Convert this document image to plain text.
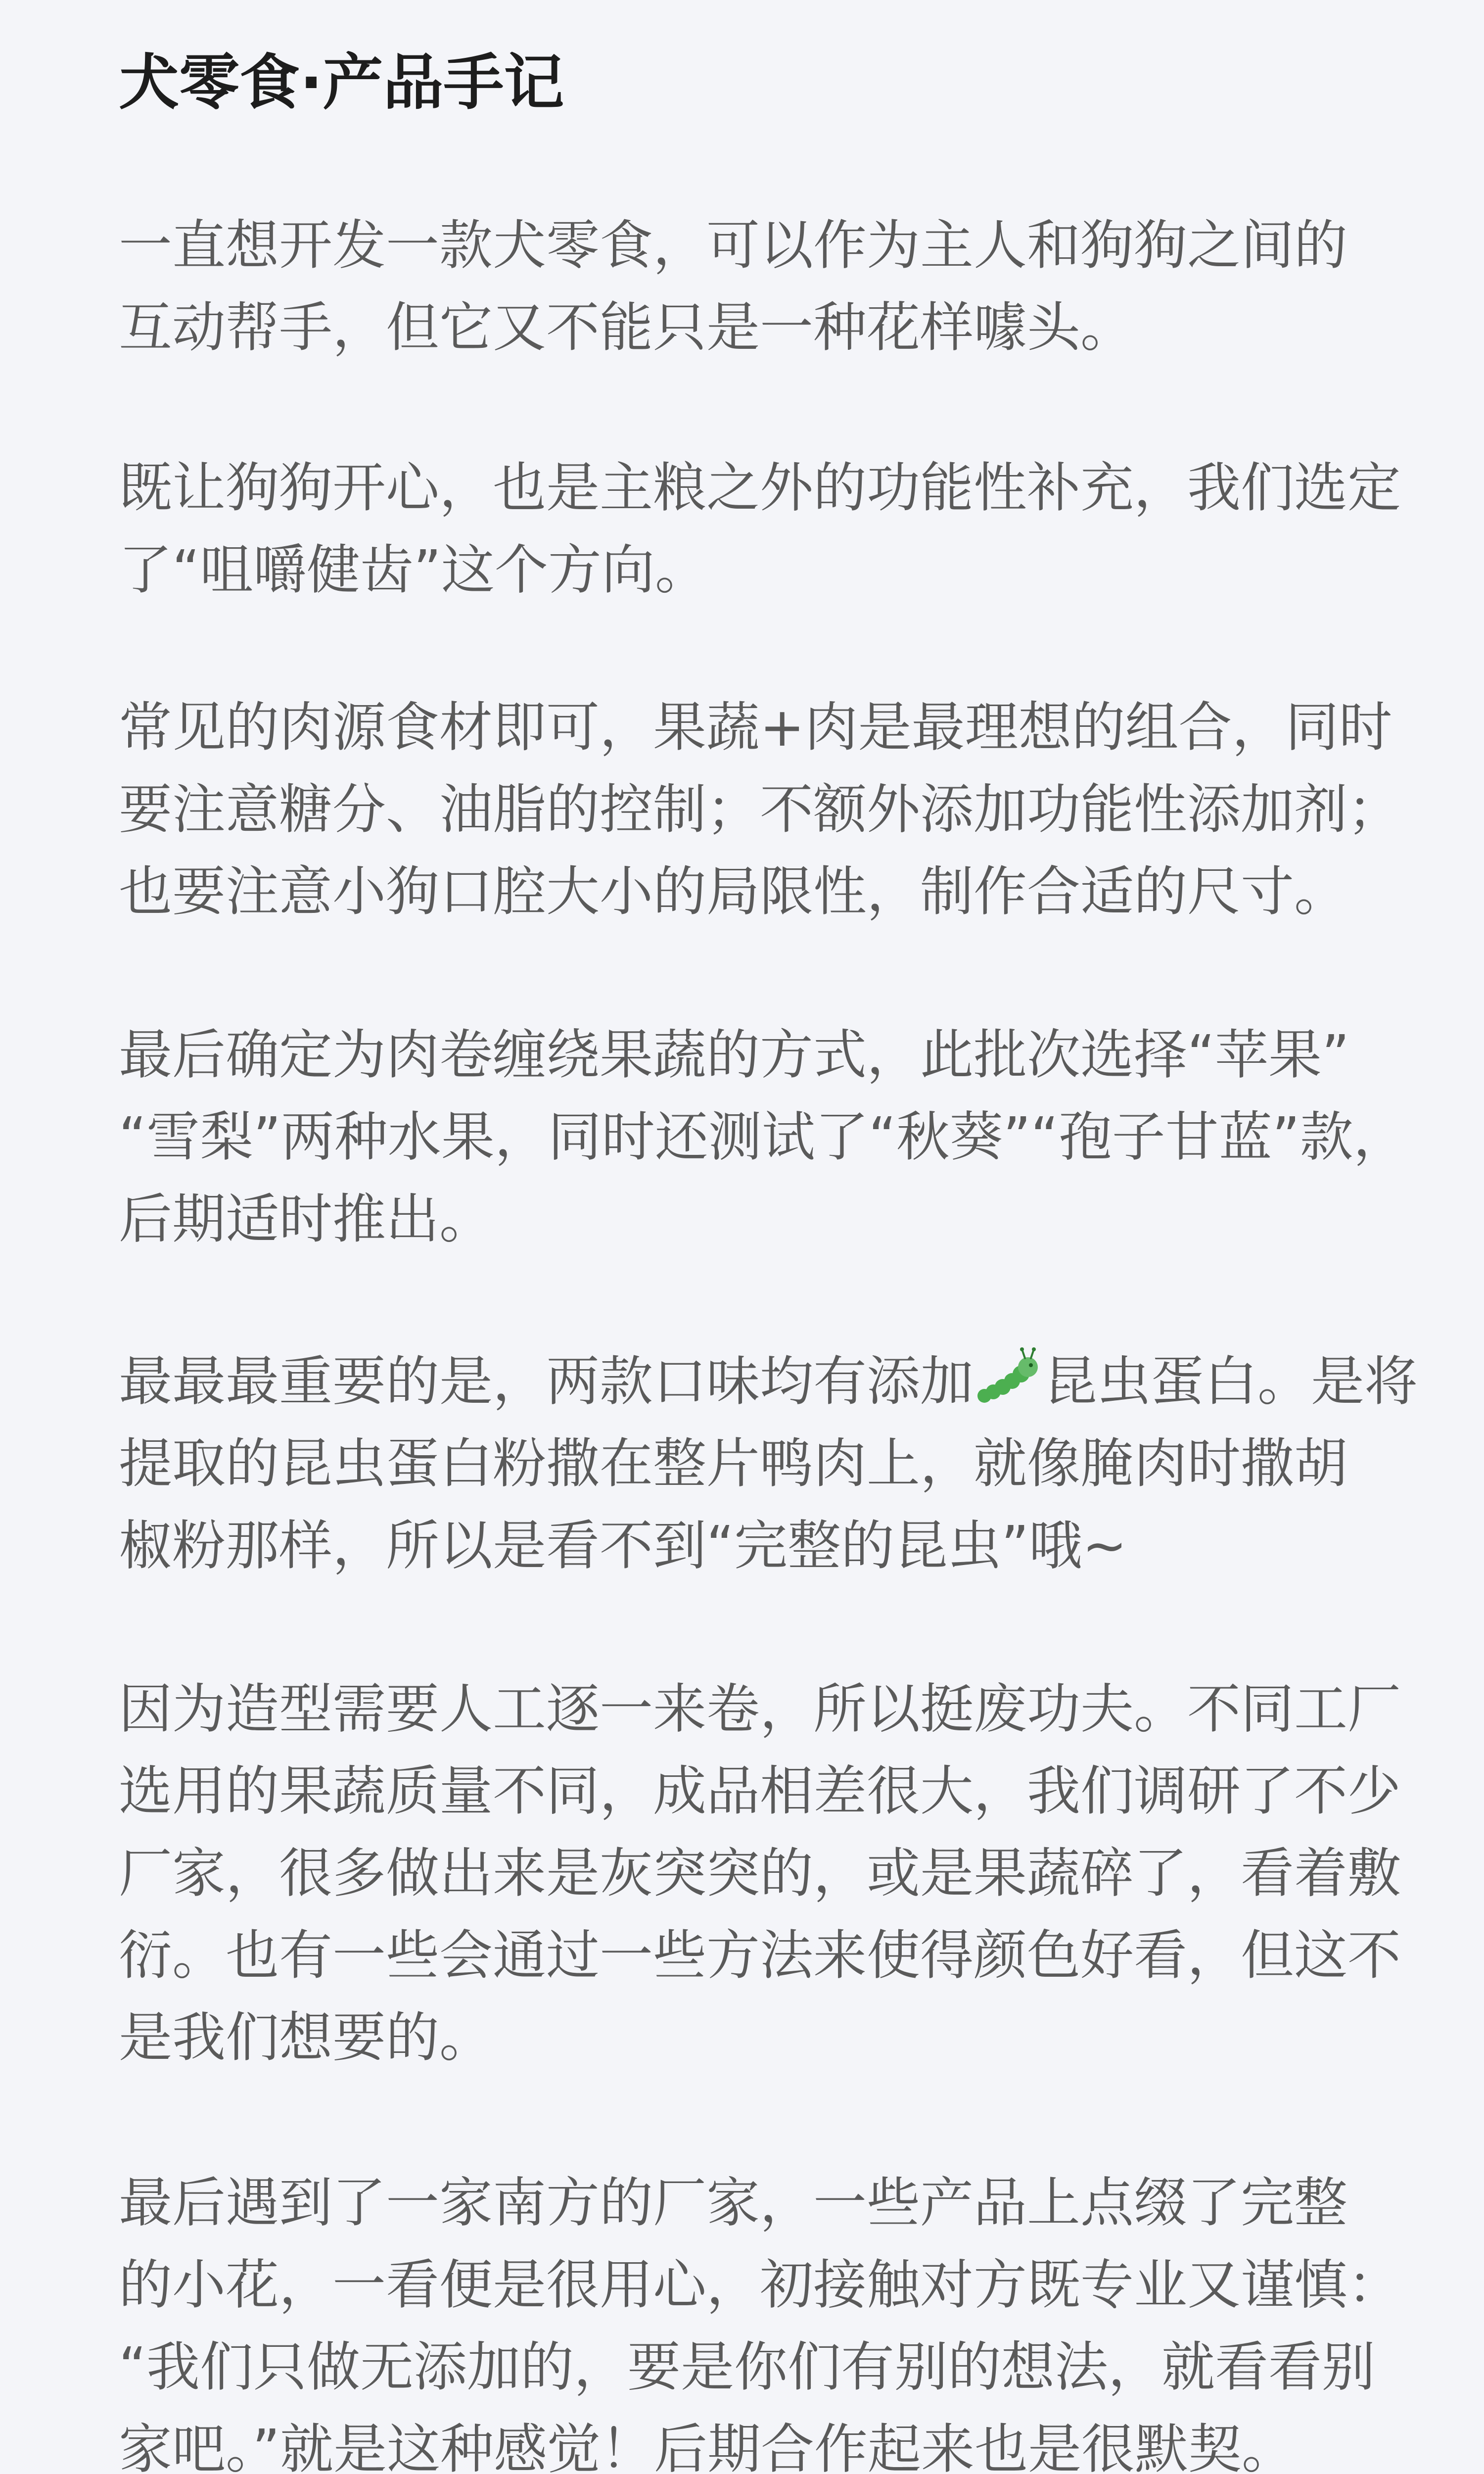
犬零食·产品手记

一直想开发一款犬零食，可以作为主人和狗狗之间的
互动帮手，但它又不能只是一种花样噱头。

既让狗狗开心，也是主粮之外的功能性补充，我们选定
了“咀嚼健齿”这个方向。

常见的肉源食材即可，果蔬+肉是最理想的组合，同时
要注意糖分、油脂的控制；不额外添加功能性添加剂；
也要注意小狗口腔大小的局限性，制作合适的尺寸。

最后确定为肉卷缠绕果蔬的方式，此批次选择“苹果”
“雪梨”两种水果，同时还测试了“秋葵”“孢子甘蓝”款，
后期适时推出。

最最最重要的是，两款口味均有添加 昆虫蛋白。是将
提取的昆虫蛋白粉撒在整片鸭肉上，就像腌肉时撒胡
椒粉那样，所以是看不到“完整的昆虫”哦~

因为造型需要人工逐一来卷，所以挺废功夫。不同工厂
选用的果蔬质量不同，成品相差很大，我们调研了不少
厂家，很多做出来是灰突突的，或是果蔬碎了，看着敷
衍。也有一些会通过一些方法来使得颜色好看，但这不
是我们想要的。

最后遇到了一家南方的厂家，一些产品上点缀了完整
的小花，一看便是很用心，初接触对方既专业又谨慎：
“我们只做无添加的，要是你们有别的想法，就看看别
家吧。”就是这种感觉！后期合作起来也是很默契。
